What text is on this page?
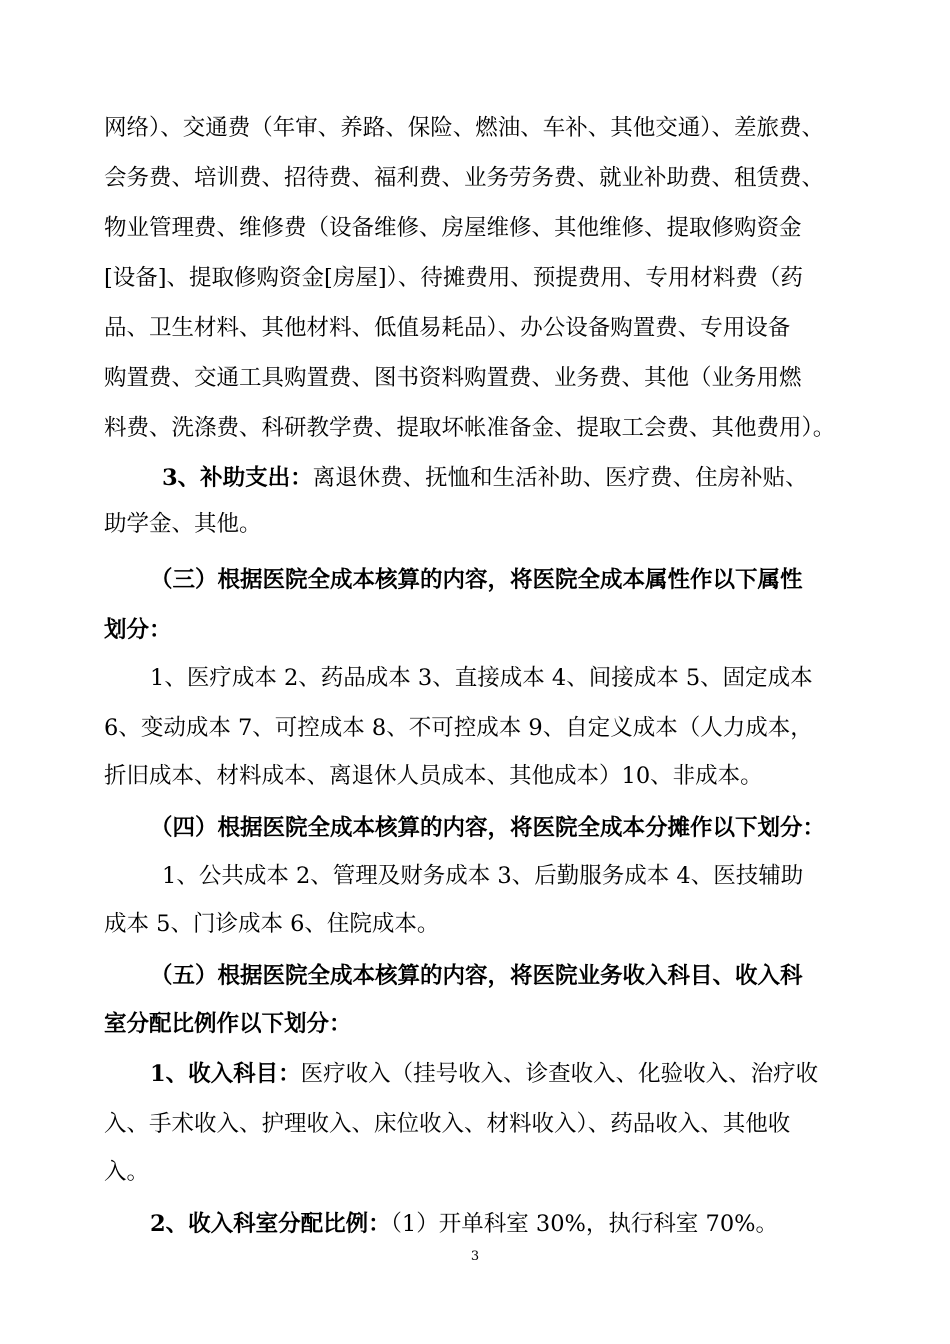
网络）、交通费（年审、养路、保险、燃油、车补、其他交通）、差旅费、
会务费、培训费、招待费、福利费、业务劳务费、就业补助费、租赁费、
物业管理费、维修费（设备维修、房屋维修、其他维修、提取修购资金
[设备]、提取修购资金[房屋]）、待摊费用、预提费用、专用材料费（药
品、卫生材料、其他材料、低值易耗品）、办公设备购置费、专用设备
购置费、交通工具购置费、图书资料购置费、业务费、其他（业务用燃
料费、洗涤费、科研教学费、提取坏帐准备金、提取工会费、其他费用）。
3、补助支出：离退休费、抚恤和生活补助、医疗费、住房补贴、
助学金、其他。
（三）根据医院全成本核算的内容，将医院全成本属性作以下属性
划分：
1、医疗成本 2、药品成本 3、直接成本 4、间接成本 5、固定成本
6、变动成本 7、可控成本 8、不可控成本 9、自定义成本（人力成本，
折旧成本、材料成本、离退休人员成本、其他成本）10、非成本。
（四）根据医院全成本核算的内容，将医院全成本分摊作以下划分：
1、公共成本 2、管理及财务成本 3、后勤服务成本 4、医技辅助
成本 5、门诊成本 6、住院成本。
（五）根据医院全成本核算的内容，将医院业务收入科目、收入科
室分配比例作以下划分：
1、收入科目：医疗收入（挂号收入、诊查收入、化验收入、治疗收
入、手术收入、护理收入、床位收入、材料收入）、药品收入、其他收
入。
2、收入科室分配比例：（1）开单科室 30%，执行科室 70%。
3
